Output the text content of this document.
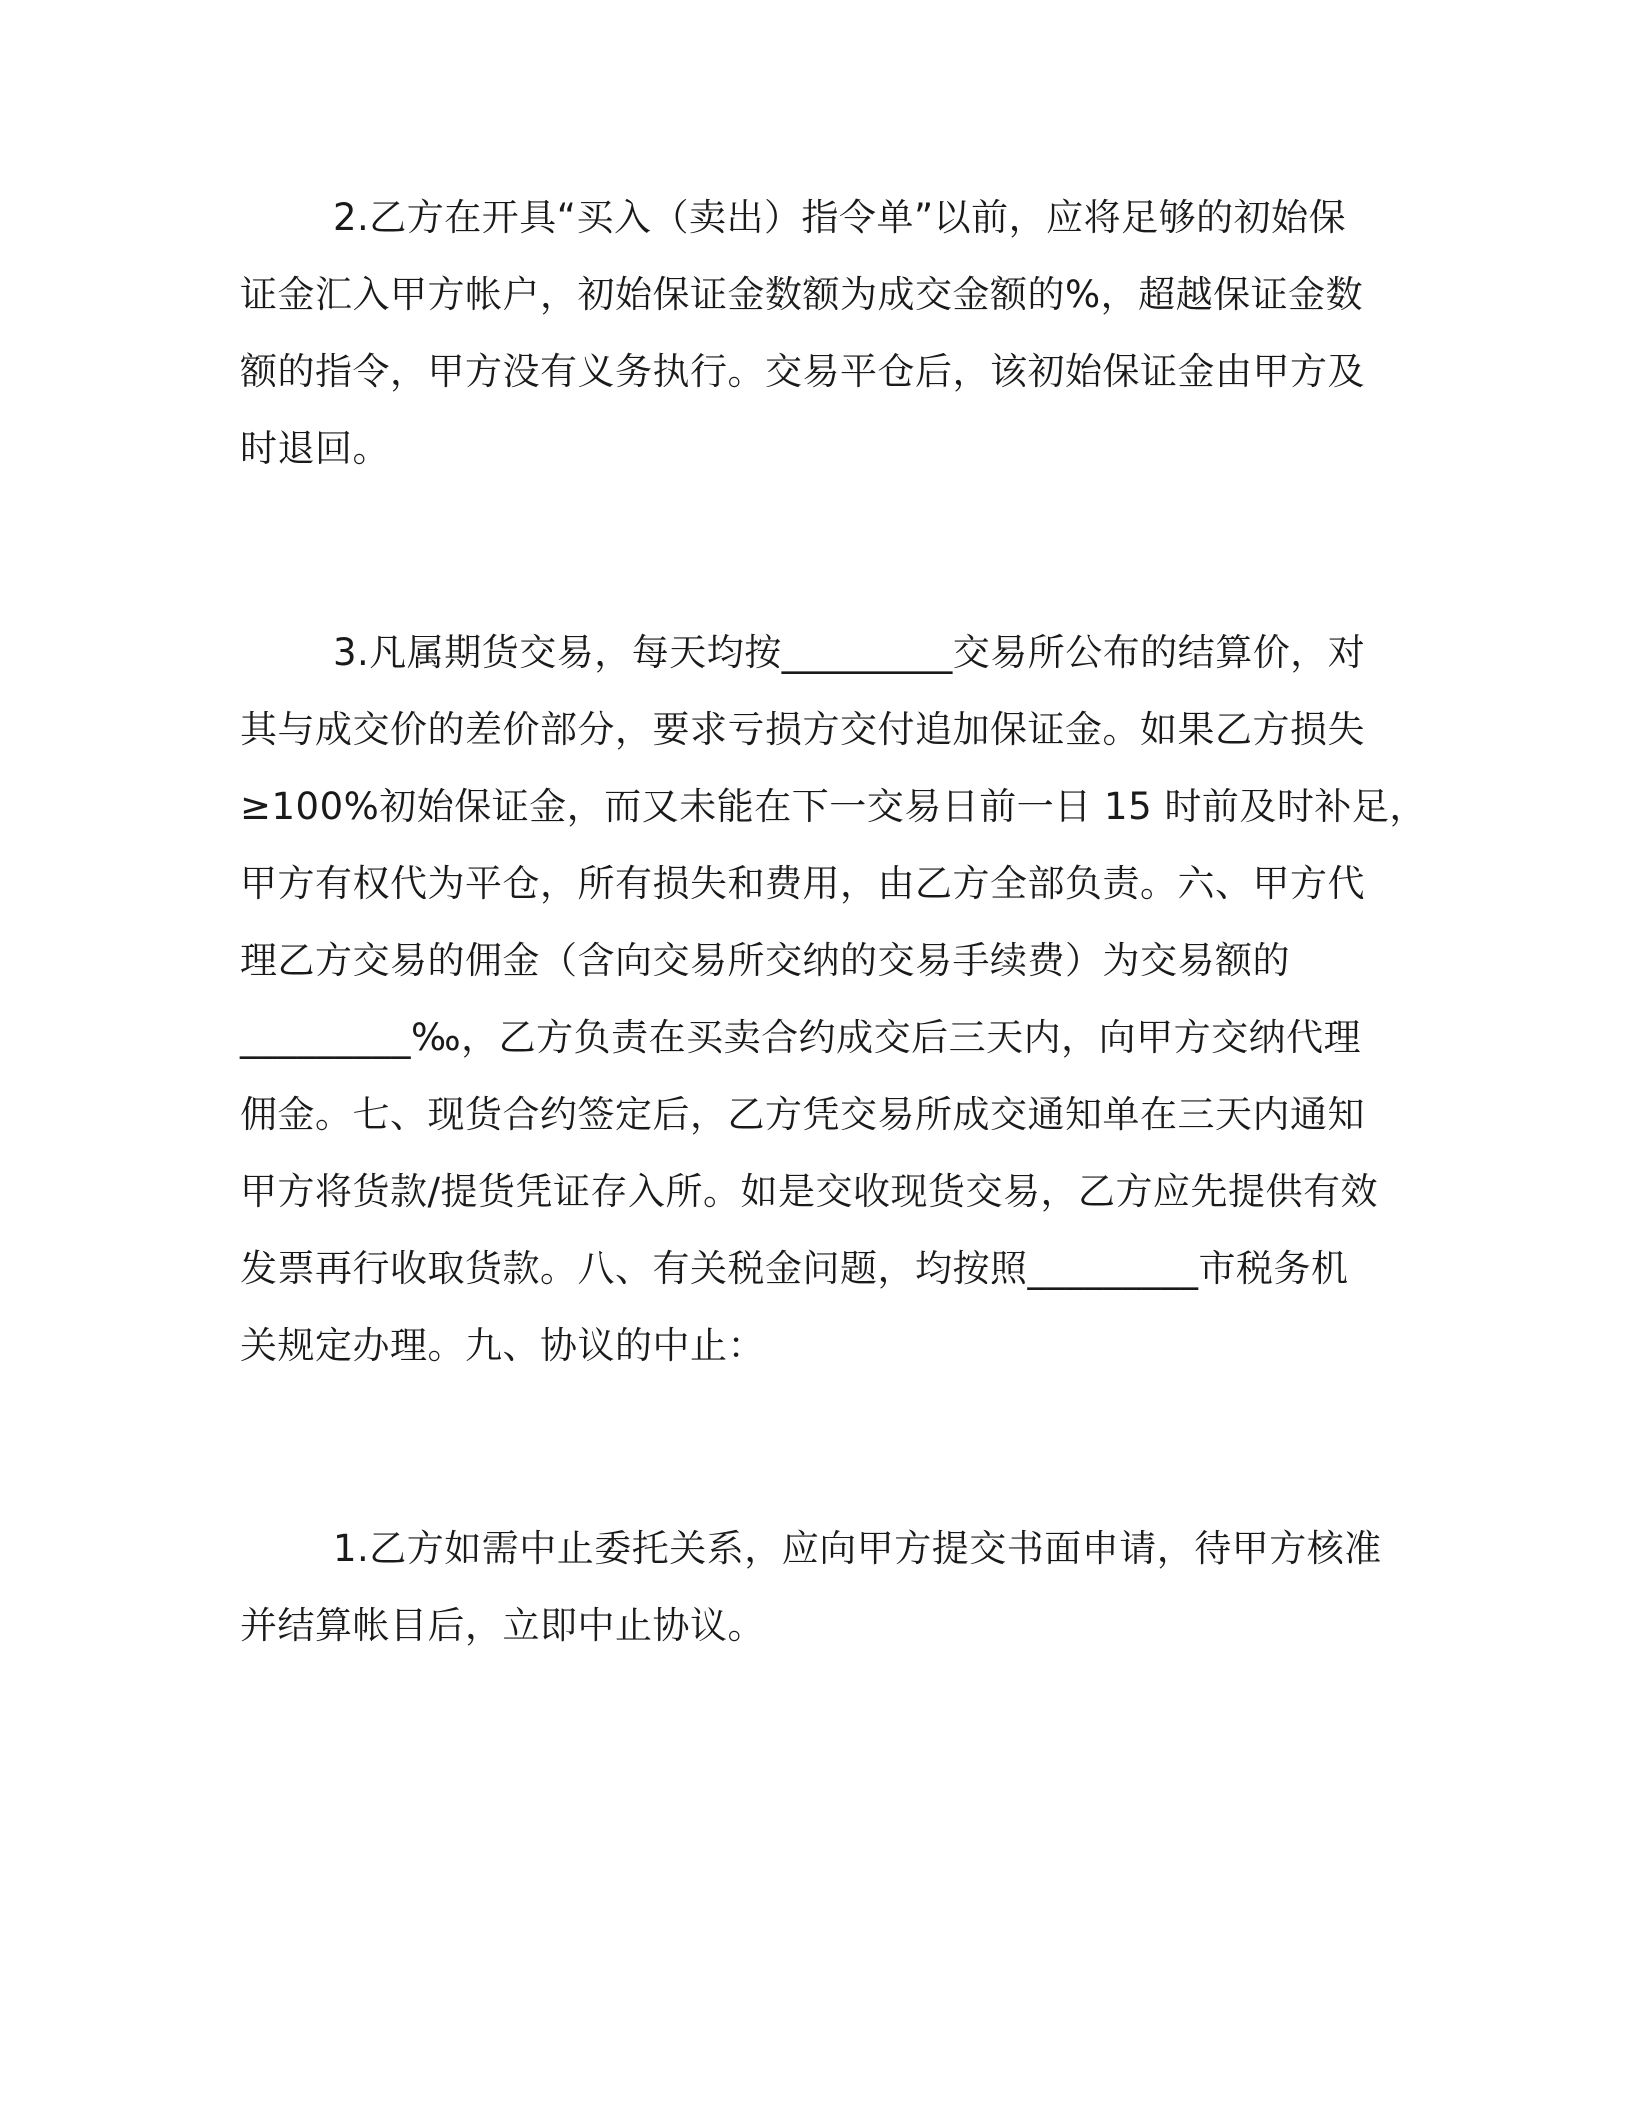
2.乙方在开具“买入（卖出）指令单”以前，应将足够的初始保
证金汇入甲方帐户，初始保证金数额为成交金额的%，超越保证金数
额的指令，甲方没有义务执行。交易平仓后，该初始保证金由甲方及
时退回。
3.凡属期货交易，每天均按_________交易所公布的结算价，对
其与成交价的差价部分，要求亏损方交付追加保证金。如果乙方损失
≥100%初始保证金，而又未能在下一交易日前一日 15 时前及时补足，
甲方有权代为平仓，所有损失和费用，由乙方全部负责。六、甲方代
理乙方交易的佣金（含向交易所交纳的交易手续费）为交易额的
_________‰，乙方负责在买卖合约成交后三天内，向甲方交纳代理
佣金。七、现货合约签定后，乙方凭交易所成交通知单在三天内通知
甲方将货款/提货凭证存入所。如是交收现货交易，乙方应先提供有效
发票再行收取货款。八、有关税金问题，均按照_________市税务机
关规定办理。九、协议的中止：
1.乙方如需中止委托关系，应向甲方提交书面申请，待甲方核准
并结算帐目后，立即中止协议。
